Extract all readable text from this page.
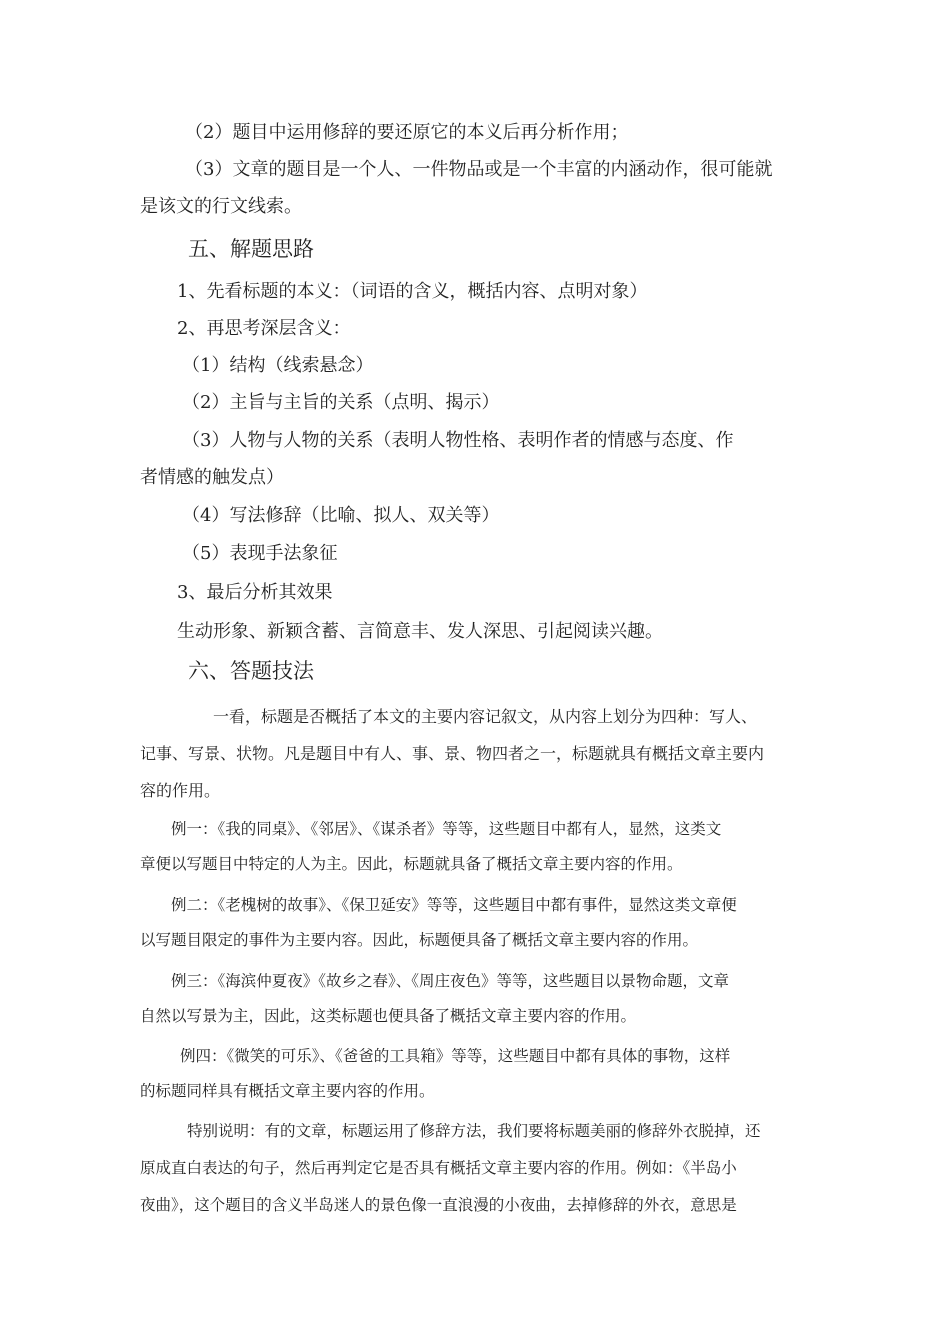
（2）题目中运用修辞的要还原它的本义后再分析作用；
（3）文章的题目是一个人、一件物品或是一个丰富的内涵动作，很可能就
是该文的行文线索。
五、解题思路
1、先看标题的本义：（词语的含义，概括内容、点明对象）
2、再思考深层含义：
（1）结构（线索悬念）
（2）主旨与主旨的关系（点明、揭示）
（3）人物与人物的关系（表明人物性格、表明作者的情感与态度、作
者情感的触发点）
（4）写法修辞（比喻、拟人、双关等）
（5）表现手法象征
3、最后分析其效果
生动形象、新颖含蓄、言简意丰、发人深思、引起阅读兴趣。
六、答题技法
一看，标题是否概括了本文的主要内容记叙文，从内容上划分为四种：写人、
记事、写景、状物。凡是题目中有人、事、景、物四者之一，标题就具有概括文章主要内
容的作用。
例一：《我的同桌》、《邻居》、《谋杀者》等等，这些题目中都有人，显然，这类文
章便以写题目中特定的人为主。因此，标题就具备了概括文章主要内容的作用。
例二：《老槐树的故事》、《保卫延安》等等，这些题目中都有事件，显然这类文章便
以写题目限定的事件为主要内容。因此，标题便具备了概括文章主要内容的作用。
例三：《海滨仲夏夜》《故乡之春》、《周庄夜色》等等，这些题目以景物命题，文章
自然以写景为主，因此，这类标题也便具备了概括文章主要内容的作用。
例四：《微笑的可乐》、《爸爸的工具箱》等等，这些题目中都有具体的事物，这样
的标题同样具有概括文章主要内容的作用。
特别说明：有的文章，标题运用了修辞方法，我们要将标题美丽的修辞外衣脱掉，还
原成直白表达的句子，然后再判定它是否具有概括文章主要内容的作用。例如：《半岛小
夜曲》，这个题目的含义半岛迷人的景色像一直浪漫的小夜曲，去掉修辞的外衣，意思是
